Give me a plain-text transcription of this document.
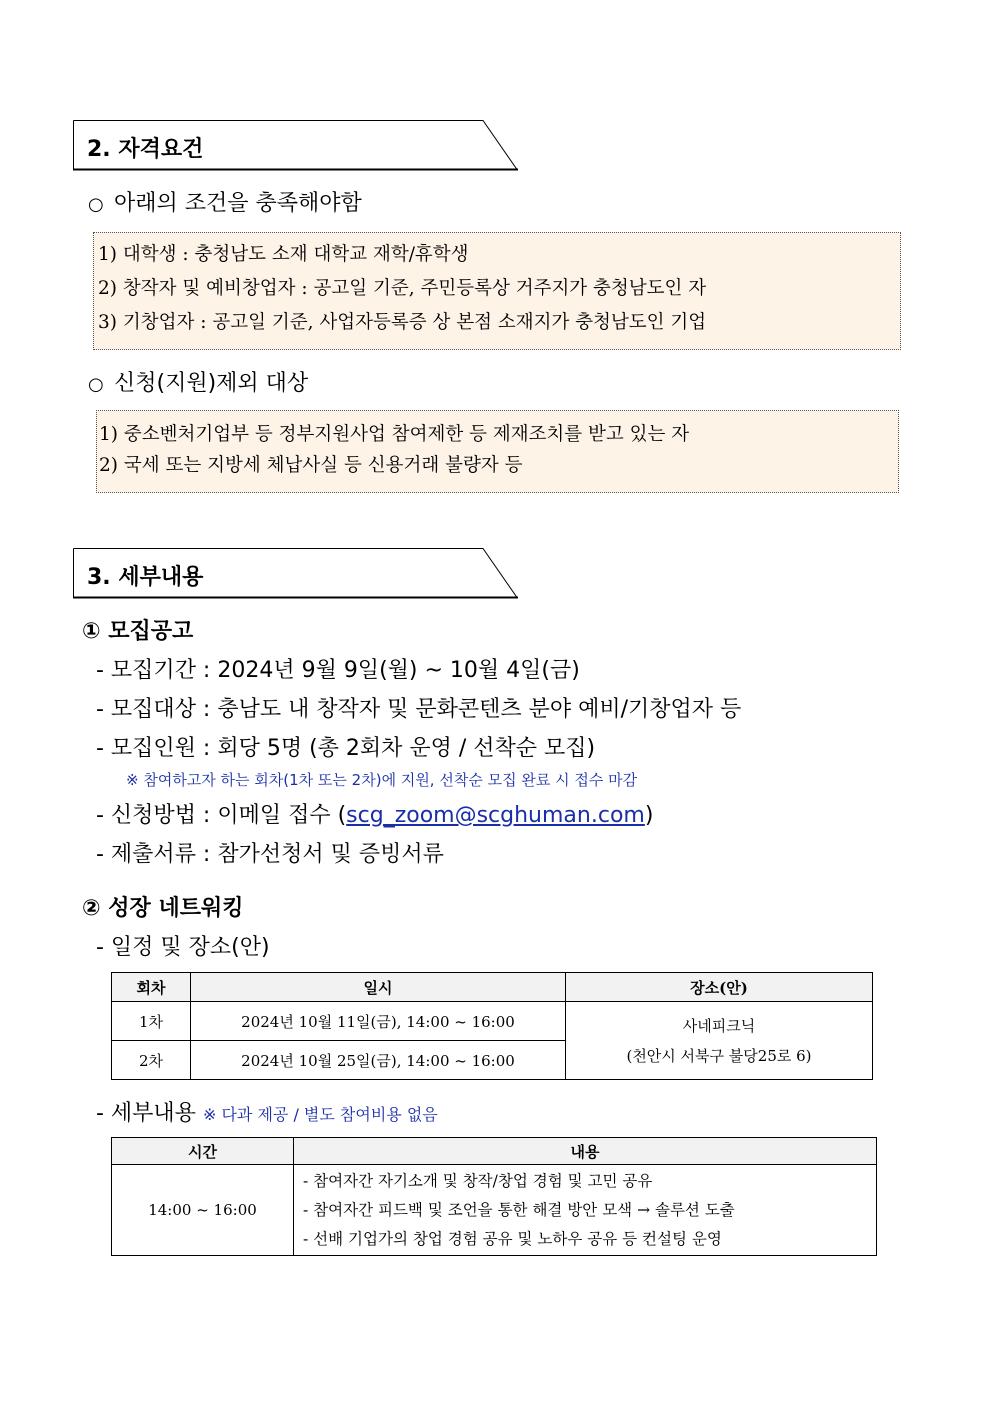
2. 자격요건
○ 아래의 조건을 충족해야함
1) 대학생 : 충청남도 소재 대학교 재학/휴학생
2) 창작자 및 예비창업자 : 공고일 기준, 주민등록상 거주지가 충청남도인 자
3) 기창업자 : 공고일 기준, 사업자등록증 상 본점 소재지가 충청남도인 기업
○ 신청(지원)제외 대상
1) 중소벤처기업부 등 정부지원사업 참여제한 등 제재조치를 받고 있는 자
2) 국세 또는 지방세 체납사실 등 신용거래 불량자 등
3. 세부내용
① 모집공고
- 모집기간 : 2024년 9월 9일(월) ~ 10월 4일(금)
- 모집대상 : 충남도 내 창작자 및 문화콘텐츠 분야 예비/기창업자 등
- 모집인원 : 회당 5명 (총 2회차 운영 / 선착순 모집)
※ 참여하고자 하는 회차(1차 또는 2차)에 지원, 선착순 모집 완료 시 접수 마감
- 신청방법 : 이메일 접수 (scg_zoom@scghuman.com)
- 제출서류 : 참가선청서 및 증빙서류
② 성장 네트워킹
- 일정 및 장소(안)
회차	일시	장소(안)
1차	2024년 10월 11일(금), 14:00 ~ 16:00	사네피크닉
(천안시 서북구 불당25로 6)

2차	2024년 10월 25일(금), 14:00 ~ 16:00	
- 세부내용 ※ 다과 제공 / 별도 참여비용 없음
시간	내용
14:00 ~ 16:00	- 참여자간 자기소개 및 창작/창업 경험 및 고민 공유
- 참여자간 피드백 및 조언을 통한 해결 방안 모색 → 솔루션 도출
- 선배 기업가의 창업 경험 공유 및 노하우 공유 등 컨설팅 운영
